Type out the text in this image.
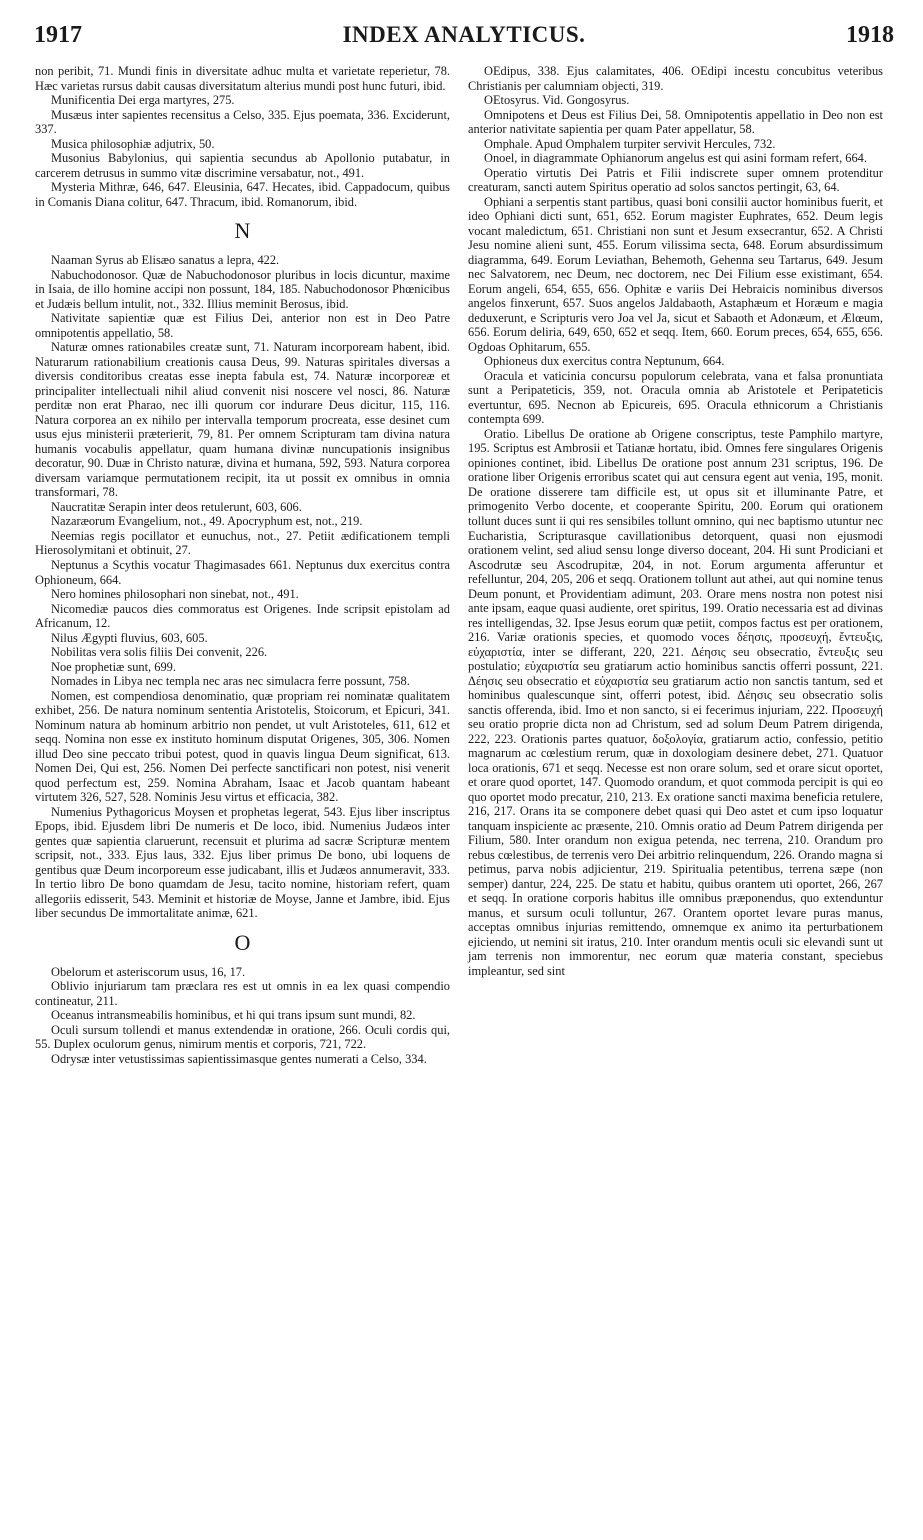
1917	INDEX ANALYTICUS.	1918

non peribit, 71. Mundi finis in diversitate adhuc multa et varietate reperietur, 78. Hæc varietas rursus dabit causas diversitatum alterius mundi post hunc futuri, ibid.

Munificentia Dei erga martyres, 275.

Musæus inter sapientes recensitus a Celso, 335. Ejus poemata, 336. Exciderunt, 337.

Musica philosophiæ adjutrix, 50.

Musonius Babylonius, qui sapientia secundus ab Apollonio putabatur, in carcerem detrusus in summo vitæ discrimine versabatur, not., 491.

Mysteria Mithræ, 646, 647. Eleusinia, 647. Hecates, ibid. Cappadocum, quibus in Comanis Diana colitur, 647. Thracum, ibid. Romanorum, ibid.

N

Naaman Syrus ab Elisæo sanatus a lepra, 422.

Nabuchodonosor. Quæ de Nabuchodonosor pluribus in locis dicuntur, maxime in Isaia, de illo homine accipi non possunt, 184, 185. Nabuchodonosor Phœnicibus et Judæis bellum intulit, not., 332. Illius meminit Berosus, ibid.

Nativitate sapientiæ quæ est Filius Dei, anterior non est in Deo Patre omnipotentis appellatio, 58.

Naturæ omnes rationabiles creatæ sunt, 71. Naturam incorpoream habent, ibid. Naturarum rationabilium creationis causa Deus, 99. Naturas spiritales diversas a diversis conditoribus creatas esse inepta fabula est, 74. Naturæ incorporeæ et principaliter intellectuali nihil aliud convenit nisi noscere vel nosci, 86. Naturæ perditæ non erat Pharao, nec illi quorum cor indurare Deus dicitur, 115, 116. Natura corporea an ex nihilo per intervalla temporum procreata, esse desinet cum usus ejus ministerii præterierit, 79, 81. Per omnem Scripturam tam divina natura humanis vocabulis appellatur, quam humana divinæ nuncupationis insignibus decoratur, 90. Duæ in Christo naturæ, divina et humana, 592, 593. Natura corporea diversam variamque permutationem recipit, ita ut possit ex omnibus in omnia transformari, 78.

Naucratitæ Serapin inter deos retulerunt, 603, 606.

Nazaræorum Evangelium, not., 49. Apocryphum est, not., 219.

Neemias regis pocillator et eunuchus, not., 27. Petiit ædificationem templi Hierosolymitani et obtinuit, 27.

Neptunus a Scythis vocatur Thagimasades 661. Neptunus dux exercitus contra Ophioneum, 664.

Nero homines philosophari non sinebat, not., 491.

Nicomediæ paucos dies commoratus est Origenes. Inde scripsit epistolam ad Africanum, 12.

Nilus Ægypti fluvius, 603, 605.

Nobilitas vera solis filiis Dei convenit, 226.

Noe prophetiæ sunt, 699.

Nomades in Libya nec templa nec aras nec simulacra ferre possunt, 758.

Nomen, est compendiosa denominatio, quæ propriam rei nominatæ qualitatem exhibet, 256. De natura nominum sententia Aristotelis, Stoicorum, et Epicuri, 341. Nominum natura ab hominum arbitrio non pendet, ut vult Aristoteles, 611, 612 et seqq. Nomina non esse ex instituto hominum disputat Origenes, 305, 306. Nomen illud Deo sine peccato tribui potest, quod in quavis lingua Deum significat, 613. Nomen Dei, Qui est, 256. Nomen Dei perfecte sanctificari non potest, nisi venerit quod perfectum est, 259. Nomina Abraham, Isaac et Jacob quantam habeant virtutem 326, 527, 528. Nominis Jesu virtus et efficacia, 382.

Numenius Pythagoricus Moysen et prophetas legerat, 543. Ejus liber inscriptus Epops, ibid. Ejusdem libri De numeris et De loco, ibid. Numenius Judæos inter gentes quæ sapientia claruerunt, recensuit et plurima ad sacræ Scripturæ mentem scripsit, not., 333. Ejus laus, 332. Ejus liber primus De bono, ubi loquens de gentibus quæ Deum incorporeum esse judicabant, illis et Judæos annumeravit, 333. In tertio libro De bono quamdam de Jesu, tacito nomine, historiam refert, quam allegoriis edisserit, 543. Meminit et historiæ de Moyse, Janne et Jambre, ibid. Ejus liber secundus De immortalitate animæ, 621.

O

Obelorum et asteriscorum usus, 16, 17.

Oblivio injuriarum tam præclara res est ut omnis in ea lex quasi compendio contineatur, 211.

Oceanus intransmeabilis hominibus, et hi qui trans ipsum sunt mundi, 82.

Oculi sursum tollendi et manus extendendæ in oratione, 266. Oculi cordis qui, 55. Duplex oculorum genus, nimirum mentis et corporis, 721, 722.

Odrysæ inter vetustissimas sapientissimasque gentes numerati a Celso, 334.

OEdipus, 338. Ejus calamitates, 406. OEdipi incestu concubitus veteribus Christianis per calumniam objecti, 319.

OEtosyrus. Vid. Gongosyrus.

Omnipotens et Deus est Filius Dei, 58. Omnipotentis appellatio in Deo non est anterior nativitate sapientia per quam Pater appellatur, 58.

Omphale. Apud Omphalem turpiter servivit Hercules, 732.

Onoel, in diagrammate Ophianorum angelus est qui asini formam refert, 664.

Operatio virtutis Dei Patris et Filii indiscrete super omnem protenditur creaturam, sancti autem Spiritus operatio ad solos sanctos pertingit, 63, 64.

Ophiani a serpentis stant partibus, quasi boni consilii auctor hominibus fuerit, et ideo Ophiani dicti sunt, 651, 652. Eorum magister Euphrates, 652. Deum legis vocant maledictum, 651. Christiani non sunt et Jesum exsecrantur, 652. A Christi Jesu nomine alieni sunt, 455. Eorum vilissima secta, 648. Eorum absurdissimum diagramma, 649. Eorum Leviathan, Behemoth, Gehenna seu Tartarus, 649. Jesum nec Salvatorem, nec Deum, nec doctorem, nec Dei Filium esse existimant, 654. Eorum angeli, 654, 655, 656. Ophitæ e variis Dei Hebraicis nominibus diversos angelos finxerunt, 657. Suos angelos Jaldabaoth, Astaphæum et Horæum e magia deduxerunt, e Scripturis vero Joa vel Ja, sicut et Sabaoth et Adonæum, et Ælœum, 656. Eorum deliria, 649, 650, 652 et seqq. Item, 660. Eorum preces, 654, 655, 656. Ogdoas Ophitarum, 655.

Ophioneus dux exercitus contra Neptunum, 664.

Oracula et vaticinia concursu populorum celebrata, vana et falsa pronuntiata sunt a Peripateticis, 359, not. Oracula omnia ab Aristotele et Peripateticis evertuntur, 695. Necnon ab Epicureis, 695. Oracula ethnicorum a Christianis contempta 699.

Oratio. Libellus De oratione ab Origene conscriptus, teste Pamphilo martyre, 195. Scriptus est Ambrosii et Tatianæ hortatu, ibid. Omnes fere singulares Origenis opiniones continet, ibid. Libellus De oratione post annum 231 scriptus, 196. De oratione liber Origenis erroribus scatet qui aut censura egent aut venia, 195, monit. De oratione disserere tam difficile est, ut opus sit et illuminante Patre, et primogenito Verbo docente, et cooperante Spiritu, 200. Eorum qui orationem tollunt duces sunt ii qui res sensibiles tollunt omnino, qui nec baptismo utuntur nec Eucharistia, Scripturasque cavillationibus detorquent, quasi non ejusmodi orationem velint, sed aliud sensu longe diverso doceant, 204. Hi sunt Prodiciani et Ascodrutæ seu Ascodrupitæ, 204, in not. Eorum argumenta afferuntur et refelluntur, 204, 205, 206 et seqq. Orationem tollunt aut athei, aut qui nomine tenus Deum ponunt, et Providentiam adimunt, 203. Orare mens nostra non potest nisi ante ipsam, eaque quasi audiente, oret spiritus, 199. Oratio necessaria est ad divinas res intelligendas, 32. Ipse Jesus eorum quæ petiit, compos factus est per orationem, 216. Variæ orationis species, et quomodo voces δέησις, προσευχή, ἔντευξις, εὐχαριστία, inter se differant, 220, 221. Δέησις seu obsecratio, ἔντευξις seu postulatio; εὐχαριστία seu gratiarum actio hominibus sanctis offerri possunt, 221. Δέησις seu obsecratio et εὐχαριστία seu gratiarum actio non sanctis tantum, sed et hominibus qualescunque sint, offerri potest, ibid. Δέησις seu obsecratio solis sanctis offerenda, ibid. Imo et non sancto, si ei fecerimus injuriam, 222. Προσευχή seu oratio proprie dicta non ad Christum, sed ad solum Deum Patrem dirigenda, 222, 223. Orationis partes quatuor, δοξολογία, gratiarum actio, confessio, petitio magnarum ac cœlestium rerum, quæ in doxologiam desinere debet, 271. Quatuor loca orationis, 671 et seqq. Necesse est non orare solum, sed et orare sicut oportet, et orare quod oportet, 147. Quomodo orandum, et quot commoda percipit is qui eo quo oportet modo precatur, 210, 213. Ex oratione sancti maxima beneficia retulere, 216, 217. Orans ita se componere debet quasi qui Deo astet et cum ipso loquatur tanquam inspiciente ac præsente, 210. Omnis oratio ad Deum Patrem dirigenda per Filium, 580. Inter orandum non exigua petenda, nec terrena, 210. Orandum pro rebus cœlestibus, de terrenis vero Dei arbitrio relinquendum, 226. Orando magna si petimus, parva nobis adjicientur, 219. Spiritualia petentibus, terrena sæpe (non semper) dantur, 224, 225. De statu et habitu, quibus orantem uti oportet, 266, 267 et seqq. In oratione corporis habitus ille omnibus præponendus, quo extenduntur manus, et sursum oculi tolluntur, 267. Orantem oportet levare puras manus, acceptas omnibus injurias remittendo, omnemque ex animo ita perturbationem ejiciendo, ut nemini sit iratus, 210. Inter orandum mentis oculi sic elevandi sunt ut jam terrenis non immorentur, nec eorum quæ materia constant, speciebus impleantur, sed sint
